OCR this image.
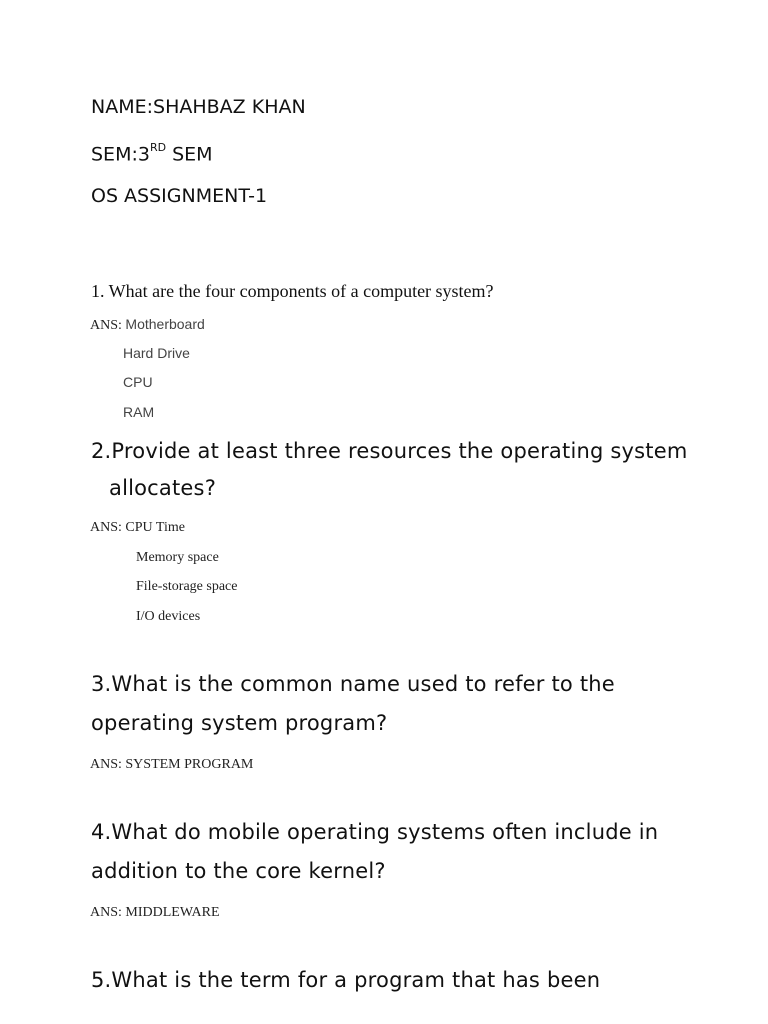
NAME:SHAHBAZ KHAN
SEM:3RD SEM
OS ASSIGNMENT-1
1. What are the four components of a computer system?
ANS: Motherboard
Hard Drive
CPU
RAM
2.Provide at least three resources the operating system
allocates?
ANS: CPU Time
Memory space
File-storage space
I/O devices
3.What is the common name used to refer to the
operating system program?
ANS: SYSTEM PROGRAM
4.What do mobile operating systems often include in
addition to the core kernel?
ANS: MIDDLEWARE
5.What is the term for a program that has been
